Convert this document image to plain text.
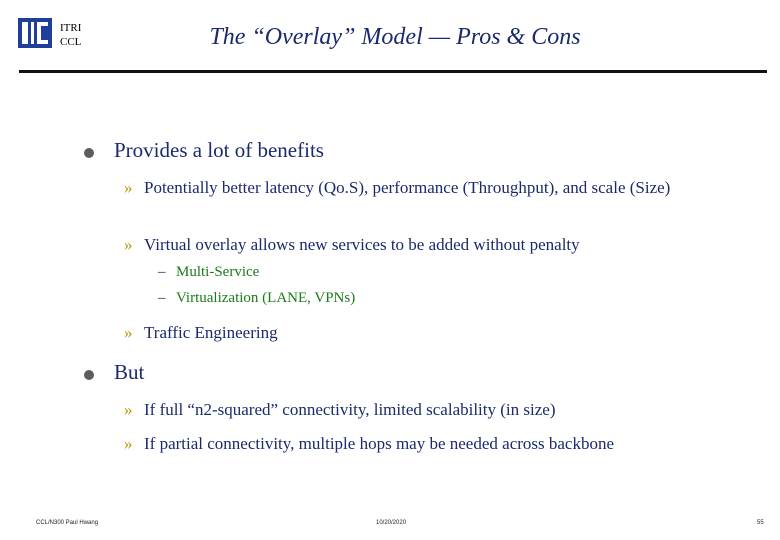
ITRI
CCL	The “Overlay” Model — Pros & Cons
Provides a lot of benefits
» Potentially better latency (Qo.S), performance (Throughput), and scale (Size)
» Virtual overlay allows new services to be added without penalty
– Multi-Service
– Virtualization (LANE, VPNs)
» Traffic Engineering
But
» If full “n2-squared” connectivity, limited scalability (in size)
» If partial connectivity, multiple hops may be needed across backbone
CCL/N300 Paul Hwang	10/20/2020	55
